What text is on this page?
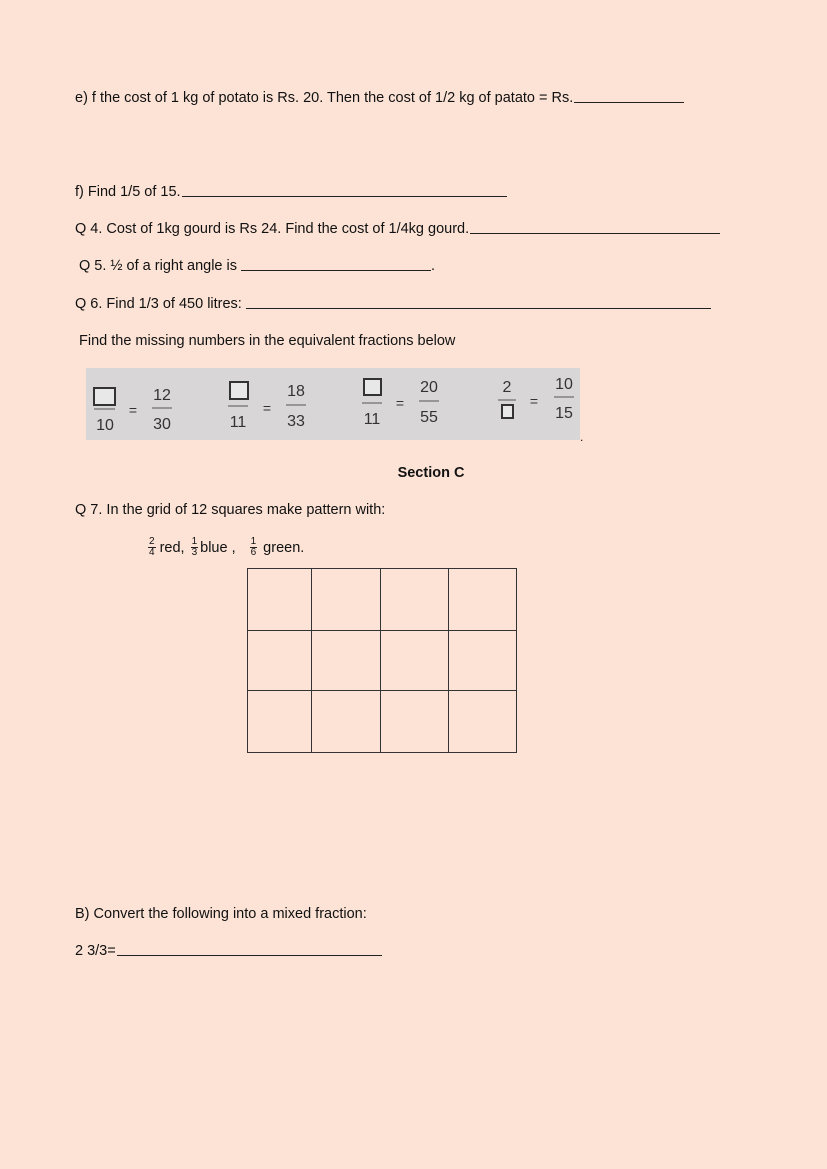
e) f the cost of 1 kg of potato is Rs. 20. Then the cost of 1/2 kg of patato = Rs.
f) Find 1/5 of 15.
Q 4. Cost of 1kg gourd is Rs 24. Find the cost of 1/4kg gourd.
Q 5. ½ of a right angle is	.
Q 6. Find 1/3 of 450 litres:
Find the missing numbers in the equivalent fractions below
10
=
12
30	11
=
18
33	11
=
20
55
2
=
10
15
.
Section C
Q 7. In the grid of 12 squares make pattern with:
$\frac{2}{4}$ red, $\frac{1}{3}$ blue , $\frac{1}{6}$ green.
B) Convert the following into a mixed fraction:
2 3/3=
